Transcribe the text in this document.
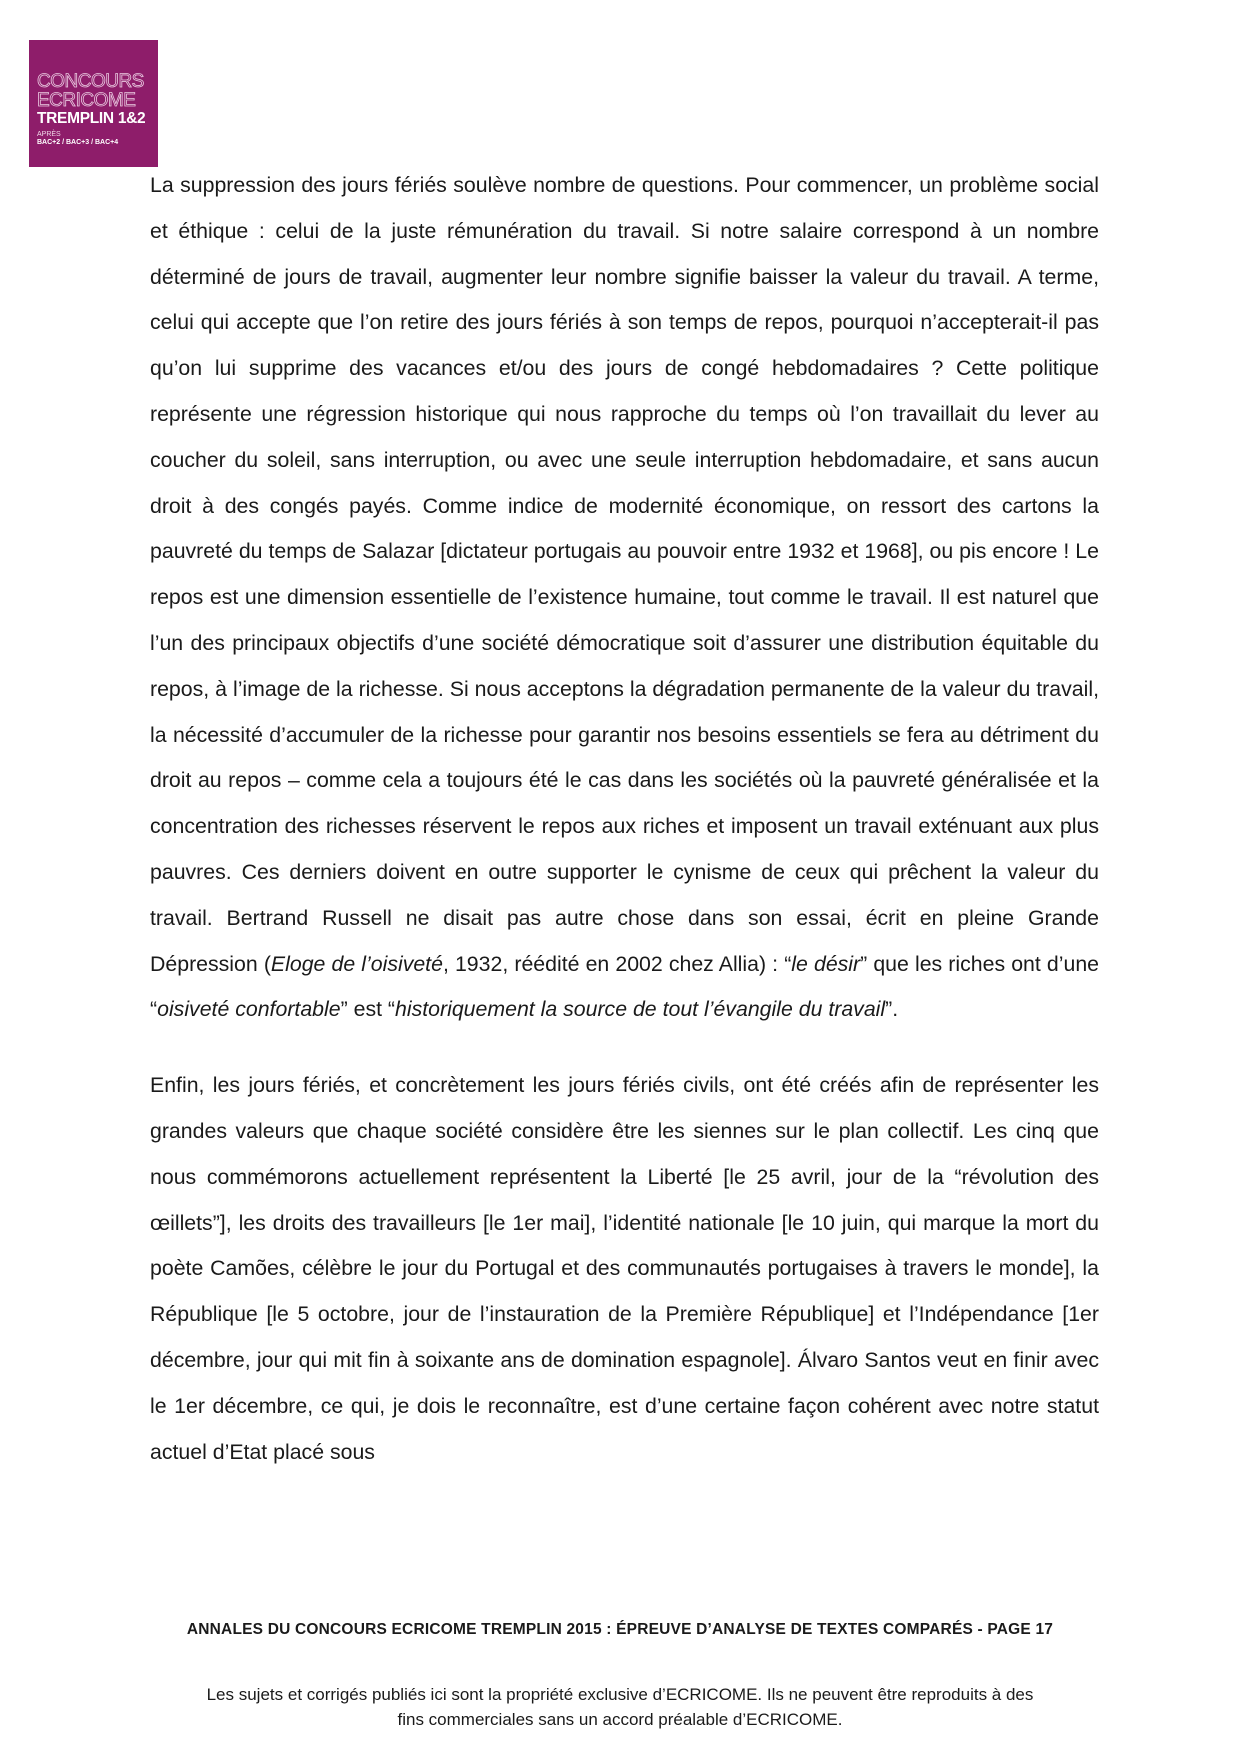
CONCOURS
ECRICOME
TREMPLIN 1&2
APRÈS
BAC+2 / BAC+3 / BAC+4

La suppression des jours fériés soulève nombre de questions. Pour commencer, un problème social et éthique : celui de la juste rémunération du travail. Si notre salaire correspond à un nombre déterminé de jours de travail, augmenter leur nombre signifie baisser la valeur du travail. A terme, celui qui accepte que l’on retire des jours fériés à son temps de repos, pourquoi n’accepterait-il pas qu’on lui supprime des vacances et/ou des jours de congé hebdomadaires ? Cette politique représente une régression historique qui nous rapproche du temps où l’on travaillait du lever au coucher du soleil, sans interruption, ou avec une seule interruption hebdomadaire, et sans aucun droit à des congés payés. Comme indice de modernité économique, on ressort des cartons la pauvreté du temps de Salazar [dictateur portugais au pouvoir entre 1932 et 1968], ou pis encore ! Le repos est une dimension essentielle de l’existence humaine, tout comme le travail. Il est naturel que l’un des principaux objectifs d’une société démocratique soit d’assurer une distribution équitable du repos, à l’image de la richesse. Si nous acceptons la dégradation permanente de la valeur du travail, la nécessité d’accumuler de la richesse pour garantir nos besoins essentiels se fera au détriment du droit au repos – comme cela a toujours été le cas dans les sociétés où la pauvreté généralisée et la concentration des richesses réservent le repos aux riches et imposent un travail exténuant aux plus pauvres. Ces derniers doivent en outre supporter le cynisme de ceux qui prêchent la valeur du travail. Bertrand Russell ne disait pas autre chose dans son essai, écrit en pleine Grande Dépression (Eloge de l’oisiveté, 1932, réédité en 2002 chez Allia) : “le désir” que les riches ont d’une “oisiveté confortable” est “historiquement la source de tout l’évangile du travail”.

Enfin, les jours fériés, et concrètement les jours fériés civils, ont été créés afin de représenter les grandes valeurs que chaque société considère être les siennes sur le plan collectif. Les cinq que nous commémorons actuellement représentent la Liberté [le 25 avril, jour de la “révolution des œillets”], les droits des travailleurs [le 1er mai], l’identité nationale [le 10 juin, qui marque la mort du poète Camões, célèbre le jour du Portugal et des communautés portugaises à travers le monde], la République [le 5 octobre, jour de l’instauration de la Première République] et l’Indépendance [1er décembre, jour qui mit fin à soixante ans de domination espagnole]. Álvaro Santos veut en finir avec le 1er décembre, ce qui, je dois le reconnaître, est d’une certaine façon cohérent avec notre statut actuel d’Etat placé sous

ANNALES DU CONCOURS ECRICOME TREMPLIN 2015 : ÉPREUVE D’ANALYSE DE TEXTES COMPARÉS - PAGE 17
Les sujets et corrigés publiés ici sont la propriété exclusive d’ECRICOME. Ils ne peuvent être reproduits à des
fins commerciales sans un accord préalable d’ECRICOME.
